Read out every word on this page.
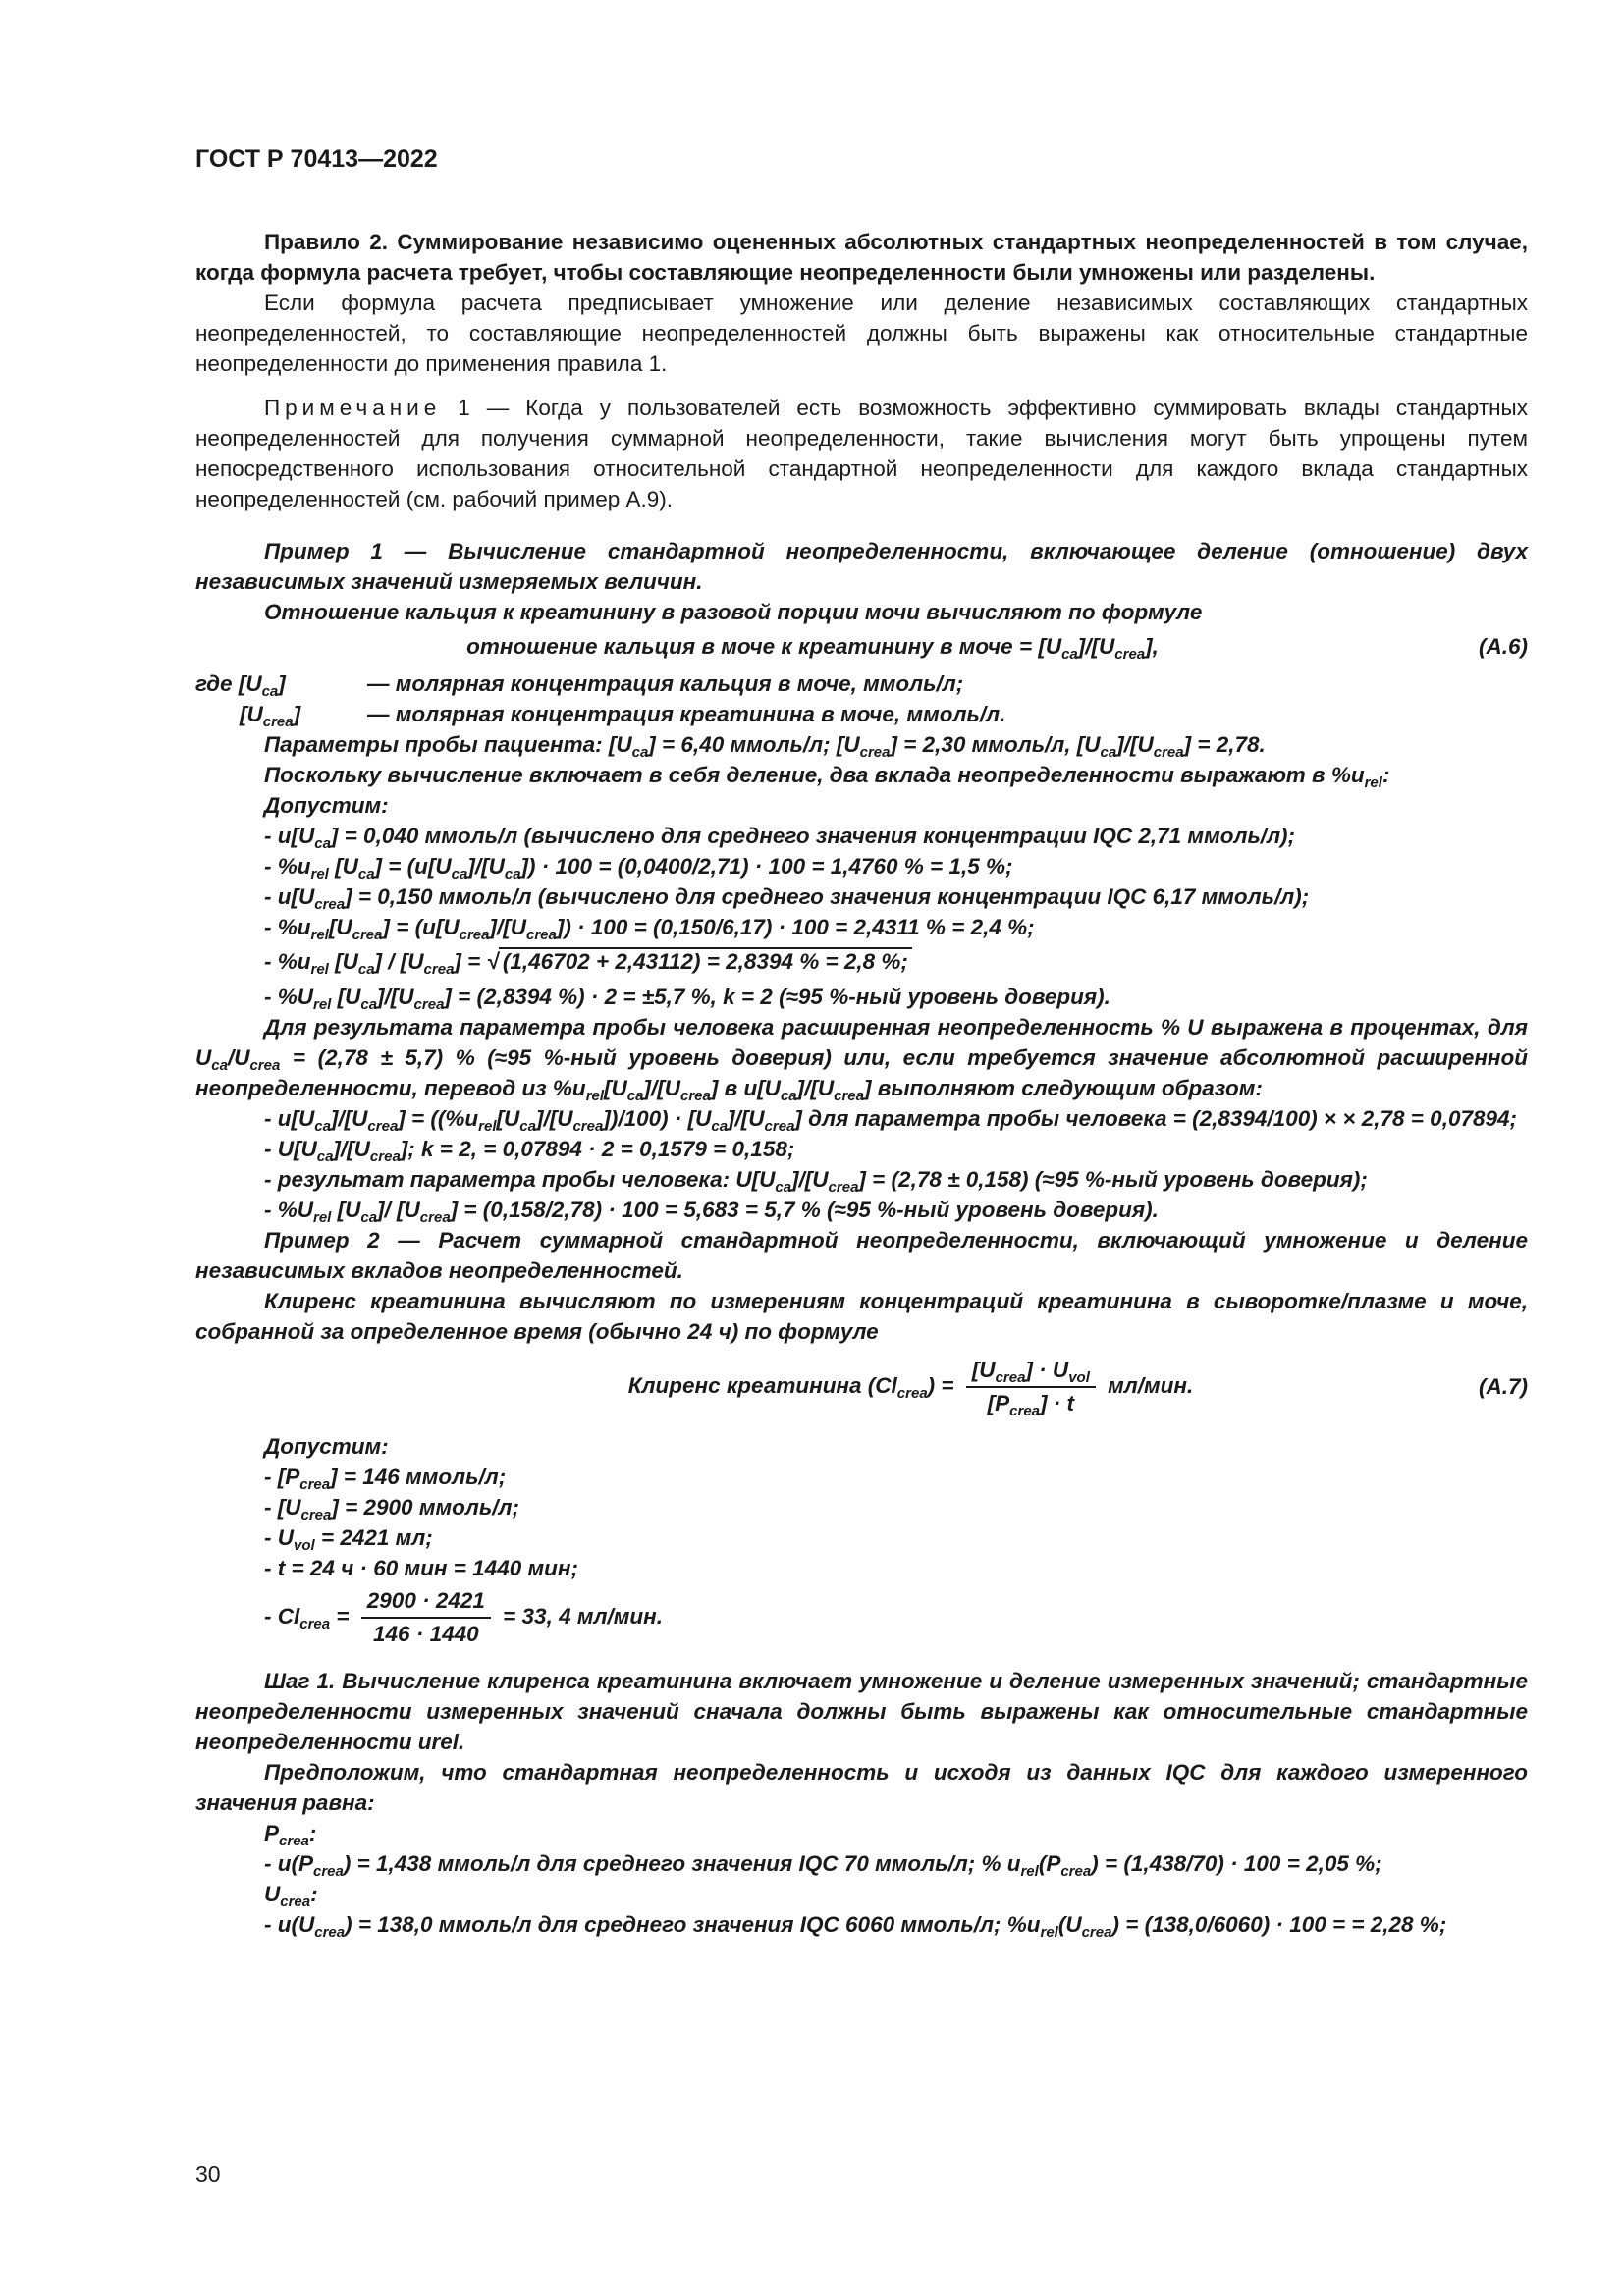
ГОСТ Р 70413—2022

Правило 2. Суммирование независимо оцененных абсолютных стандартных неопределенностей в том случае, когда формула расчета требует, чтобы составляющие неопределенности были умножены или разделены.

Если формула расчета предписывает умножение или деление независимых составляющих стандартных неопределенностей, то составляющие неопределенностей должны быть выражены как относительные стандартные неопределенности до применения правила 1.

Примечание 1 — Когда у пользователей есть возможность эффективно суммировать вклады стандартных неопределенностей для получения суммарной неопределенности, такие вычисления могут быть упрощены путем непосредственного использования относительной стандартной неопределенности для каждого вклада стандартных неопределенностей (см. рабочий пример А.9).

Пример 1 — Вычисление стандартной неопределенности, включающее деление (отношение) двух независимых значений измеряемых величин.

Отношение кальция к креатинину в разовой порции мочи вычисляют по формуле

отношение кальция в моче к креатинину в моче = $[U_{ca}]/[U_{crea}]$,	(А.6)
где $[U_{ca}]$	— молярная концентрация кальция в моче, ммоль/л;
$[U_{crea}]$	— молярная концентрация креатинина в моче, ммоль/л.

Параметры пробы пациента: $[U_{ca}] = 6,40$ ммоль/л; $[U_{crea}] = 2,30$ ммоль/л, $[U_{ca}]/[U_{crea}] = 2,78$.

Поскольку вычисление включает в себя деление, два вклада неопределенности выражают в $\%u_{rel}$:

Допустим:

- $u[U_{ca}] = 0,040$ ммоль/л (вычислено для среднего значения концентрации IQC 2,71 ммоль/л);

- $\%u_{rel}$ $[U_{ca}] = (u[U_{ca}]/[U_{ca}]) \cdot 100 = (0,0400/2,71) \cdot 100 = 1,4760$ % = 1,5 %;

- $u[U_{crea}] = 0,150$ ммоль/л (вычислено для среднего значения концентрации IQC 6,17 ммоль/л);

- $\%u_{rel}[U_{crea}] = (u[U_{crea}]/[U_{crea}]) \cdot 100 = (0,150/6,17) \cdot 100 = 2,4311$ % = 2,4 %;

- $\%u_{rel}$ $[U_{ca}] / [U_{crea}]$ = √ (1,46702 + 2,43112) = 2,8394 % = 2,8 %;

- $\%U_{rel}$ $[U_{ca}]/[U_{crea}] = (2,8394$ %) · 2 = ±5,7 %, k = 2 (≈95 %-ный уровень доверия).

Для результата параметра пробы человека расширенная неопределенность % U выражена в процентах, для $U_{ca}/U_{crea} = (2,78 \pm 5,7)$ % (≈95 %-ный уровень доверия) или, если требуется значение абсолютной расширенной неопределенности, перевод из $\%u_{rel}[U_{ca}]/[U_{crea}]$ в $u[U_{ca}]/[U_{crea}]$ выполняют следующим образом:

- $u[U_{ca}]/[U_{crea}] = ((\%u_{rel}[U_{ca}]/[U_{crea}])/100) \cdot [U_{ca}]/[U_{crea}]$ для параметра пробы человека = (2,8394/100) × × 2,78 = 0,07894;

- $U[U_{ca}]/[U_{crea}]$; k = 2, = 0,07894 · 2 = 0,1579 = 0,158;

- результат параметра пробы человека: $U[U_{ca}]/[U_{crea}] = (2,78 \pm 0,158)$ (≈95 %-ный уровень доверия);

- $\%U_{rel}$ $[U_{ca}]/$ $[U_{crea}] = (0,158/2,78) \cdot 100 = 5,683 = 5,7$ % (≈95 %-ный уровень доверия).

Пример 2 — Расчет суммарной стандартной неопределенности, включающий умножение и деление независимых вкладов неопределенностей.

Клиренс креатинина вычисляют по измерениям концентраций креатинина в сыворотке/плазме и моче, собранной за определенное время (обычно 24 ч) по формуле

Клиренс креатинина $(Cl_{crea}) = \frac{[U_{crea}] \cdot U_{vol}}{[P_{crea}] \cdot t} мл/мин$.	(А.7)

Допустим:

- $[P_{crea}] = 146$ ммоль/л;

- $[U_{crea}] = 2900$ ммоль/л;

- $U_{vol} = 2421$ мл;

- t = 24 ч · 60 мин = 1440 мин;

- $Cl_{crea} = \frac{2900 \cdot 2421}{146 \cdot 1440} = 33$, 4 мл/мин.

Шаг 1. Вычисление клиренса креатинина включает умножение и деление измеренных значений; стандартные неопределенности измеренных значений сначала должны быть выражены как относительные стандартные неопределенности urel.

Предположим, что стандартная неопределенность и исходя из данных IQC для каждого измеренного значения равна:

$P_{crea}$:

- $u(P_{crea}) = 1,438$ ммоль/л для среднего значения IQC 70 ммоль/л; % $u_{rel}(P_{crea}) = (1,438/70) \cdot 100 = 2,05$ %;

$U_{crea}$:

- $u(U_{crea}) = 138,0$ ммоль/л для среднего значения IQC 6060 ммоль/л; $\%u_{rel}(U_{crea}) = (138,0/6060) \cdot 100$ = = 2,28 %;

30
